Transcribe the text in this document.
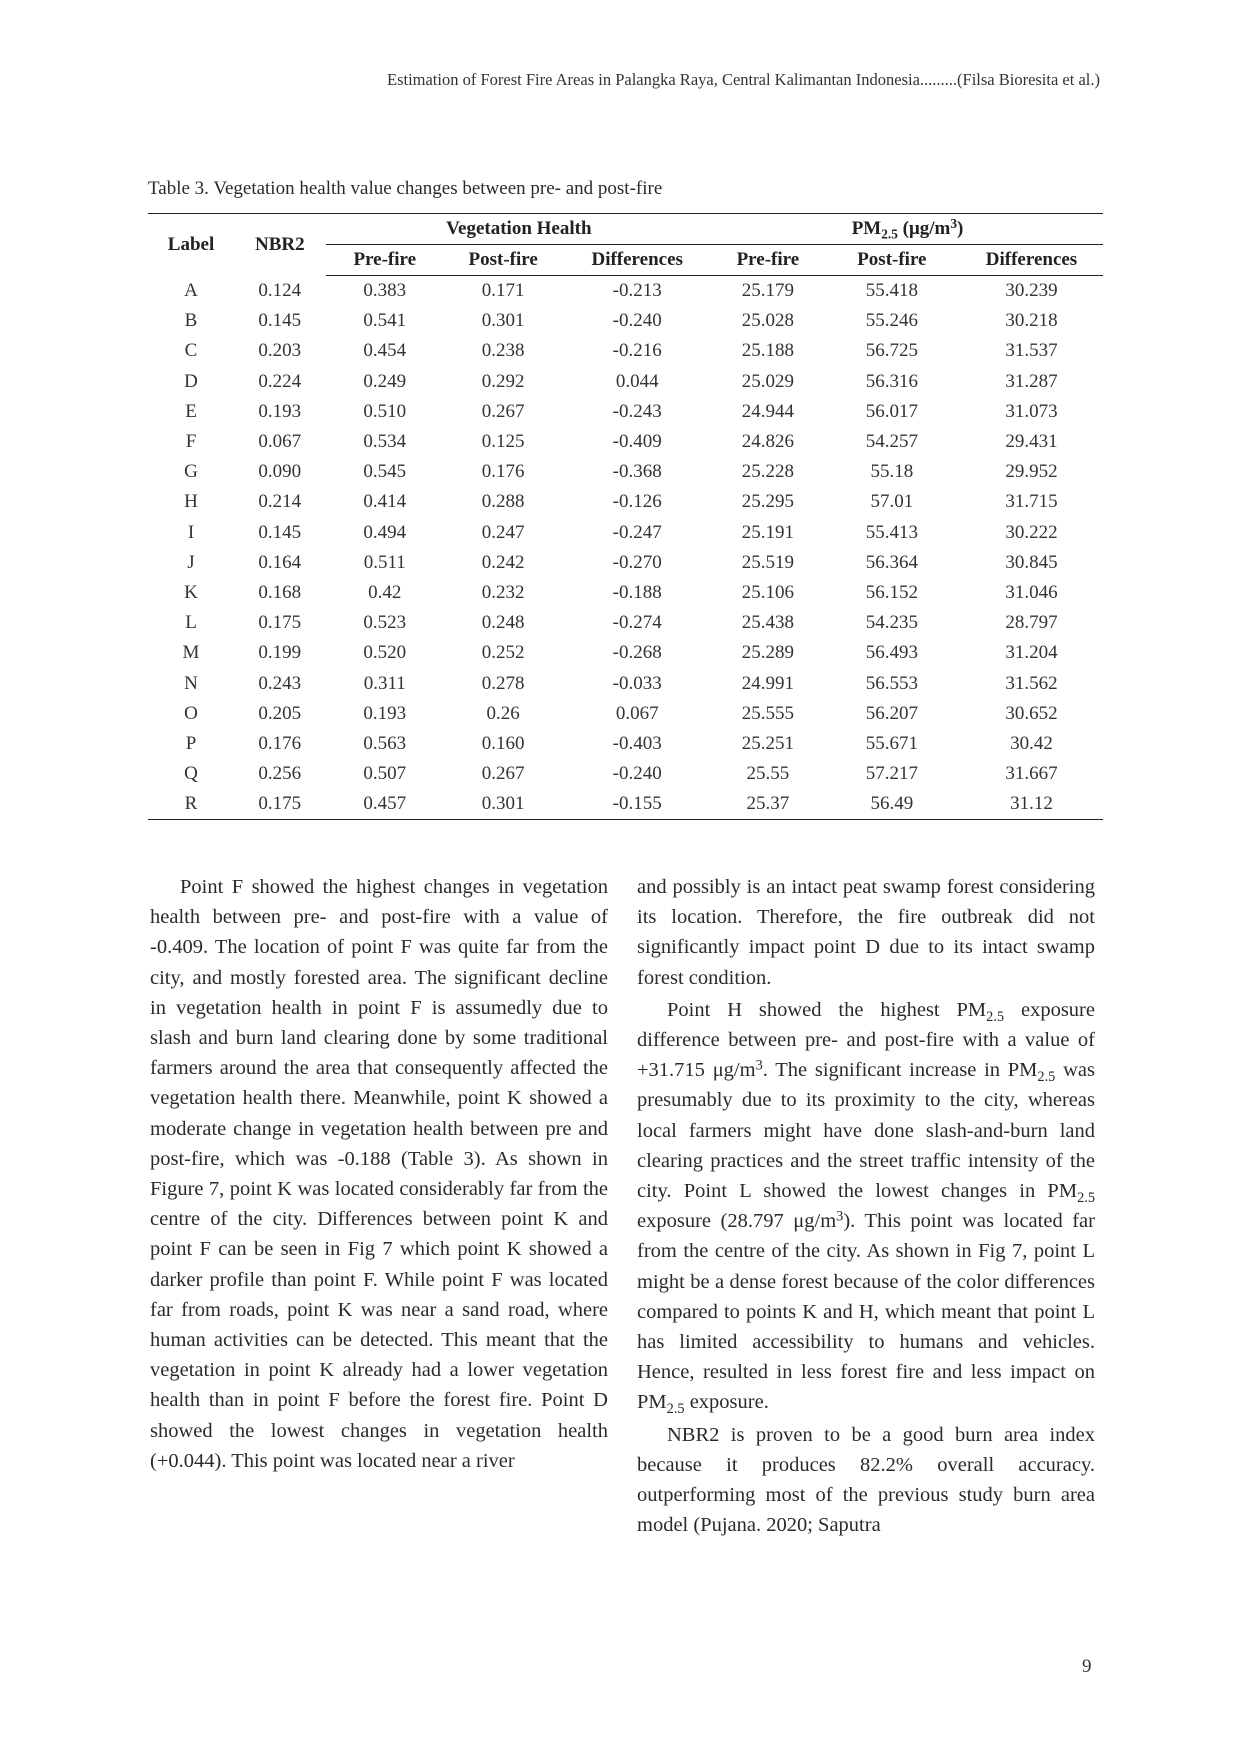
Estimation of Forest Fire Areas in Palangka Raya, Central Kalimantan Indonesia.........(Filsa Bioresita et al.)
Table 3. Vegetation health value changes between pre- and post-fire
Label	NBR2	Vegetation Health			$PM_{2.5}$ $(\mu g/m^3)$		
		Pre-fire	Post-fire	Differences	Pre-fire	Post-fire	Differences
A	0.124	0.383	0.171	-0.213	25.179	55.418	30.239
B	0.145	0.541	0.301	-0.240	25.028	55.246	30.218
C	0.203	0.454	0.238	-0.216	25.188	56.725	31.537
D	0.224	0.249	0.292	0.044	25.029	56.316	31.287
E	0.193	0.510	0.267	-0.243	24.944	56.017	31.073
F	0.067	0.534	0.125	-0.409	24.826	54.257	29.431
G	0.090	0.545	0.176	-0.368	25.228	55.18	29.952
H	0.214	0.414	0.288	-0.126	25.295	57.01	31.715
I	0.145	0.494	0.247	-0.247	25.191	55.413	30.222
J	0.164	0.511	0.242	-0.270	25.519	56.364	30.845
K	0.168	0.42	0.232	-0.188	25.106	56.152	31.046
L	0.175	0.523	0.248	-0.274	25.438	54.235	28.797
M	0.199	0.520	0.252	-0.268	25.289	56.493	31.204
N	0.243	0.311	0.278	-0.033	24.991	56.553	31.562
O	0.205	0.193	0.26	0.067	25.555	56.207	30.652
P	0.176	0.563	0.160	-0.403	25.251	55.671	30.42
Q	0.256	0.507	0.267	-0.240	25.55	57.217	31.667
R	0.175	0.457	0.301	-0.155	25.37	56.49	31.12

Point F showed the highest changes in vegetation health between pre- and post-fire with a value of -0.409. The location of point F was quite far from the city, and mostly forested area. The significant decline in vegetation health in point F is assumedly due to slash and burn land clearing done by some traditional farmers around the area that consequently affected the vegetation health there. Meanwhile, point K showed a moderate change in vegetation health between pre and post-fire, which was -0.188 (Table 3). As shown in Figure 7, point K was located considerably far from the centre of the city. Differences between point K and point F can be seen in Fig 7 which point K showed a darker profile than point F. While point F was located far from roads, point K was near a sand road, where human activities can be detected. This meant that the vegetation in point K already had a lower vegetation health than in point F before the forest fire. Point D showed the lowest changes in vegetation health (+0.044). This point was located near a river

and possibly is an intact peat swamp forest considering its location. Therefore, the fire outbreak did not significantly impact point D due to its intact swamp forest condition.

Point H showed the highest $PM_{2.5}$ exposure difference between pre- and post-fire with a value of +31.715 $\mu g/m^3$. The significant increase in $PM_{2.5}$ was presumably due to its proximity to the city, whereas local farmers might have done slash-and-burn land clearing practices and the street traffic intensity of the city. Point L showed the lowest changes in $PM_{2.5}$ exposure (28.797 $\mu g/m^3$). This point was located far from the centre of the city. As shown in Fig 7, point L might be a dense forest because of the color differences compared to points K and H, which meant that point L has limited accessibility to humans and vehicles. Hence, resulted in less forest fire and less impact on $PM_{2.5}$ exposure.

NBR2 is proven to be a good burn area index because it produces 82.2% overall accuracy. outperforming most of the previous study burn area model (Pujana. 2020; Saputra

9
